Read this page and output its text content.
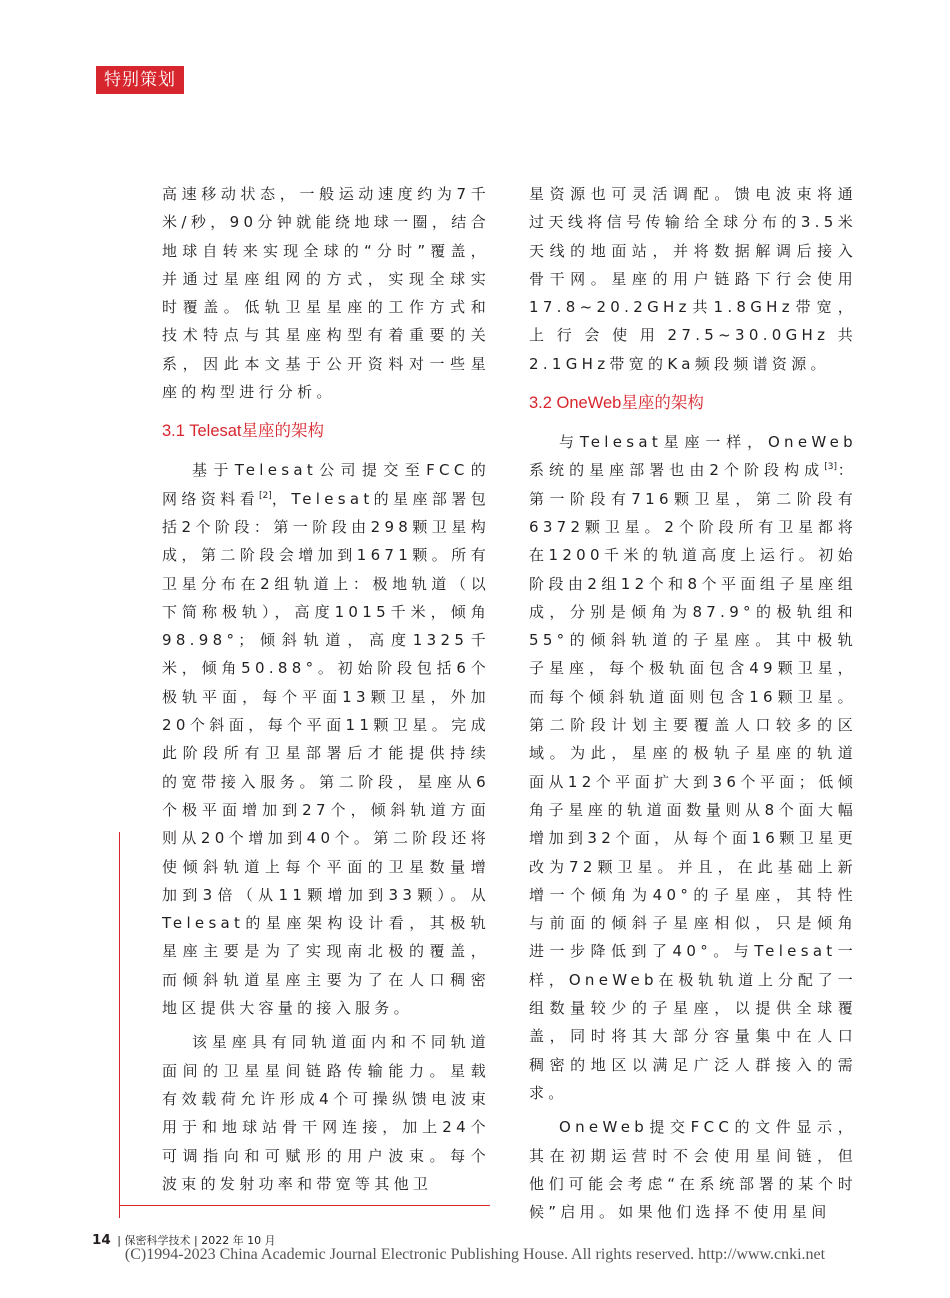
特别策划

高速移动状态，一般运动速度约为7千米/秒，90分钟就能绕地球一圈，结合地球自转来实现全球的“分时”覆盖，并通过星座组网的方式，实现全球实时覆盖。低轨卫星星座的工作方式和技术特点与其星座构型有着重要的关系，因此本文基于公开资料对一些星座的构型进行分析。

3.1 Telesat星座的架构

基于Telesat公司提交至FCC的网络资料看[2]，Telesat的星座部署包括2个阶段：第一阶段由298颗卫星构成，第二阶段会增加到1671颗。所有卫星分布在2组轨道上：极地轨道（以下简称极轨），高度1015千米，倾角98.98°；倾斜轨道，高度1325千米，倾角50.88°。初始阶段包括6个极轨平面，每个平面13颗卫星，外加20个斜面，每个平面11颗卫星。完成此阶段所有卫星部署后才能提供持续的宽带接入服务。第二阶段，星座从6个极平面增加到27个，倾斜轨道方面则从20个增加到40个。第二阶段还将使倾斜轨道上每个平面的卫星数量增加到3倍（从11颗增加到33颗）。从Telesat的星座架构设计看，其极轨星座主要是为了实现南北极的覆盖，而倾斜轨道星座主要为了在人口稠密地区提供大容量的接入服务。

该星座具有同轨道面内和不同轨道面间的卫星星间链路传输能力。星载有效载荷允许形成4个可操纵馈电波束用于和地球站骨干网连接，加上24个可调指向和可赋形的用户波束。每个波束的发射功率和带宽等其他卫

星资源也可灵活调配。馈电波束将通过天线将信号传输给全球分布的3.5米天线的地面站，并将数据解调后接入骨干网。星座的用户链路下行会使用17.8~20.2GHz共1.8GHz带宽，上行会使用27.5~30.0GHz共2.1GHz带宽的Ka频段频谱资源。

3.2 OneWeb星座的架构

与Telesat星座一样，OneWeb系统的星座部署也由2个阶段构成[3]：第一阶段有716颗卫星，第二阶段有6372颗卫星。2个阶段所有卫星都将在1200千米的轨道高度上运行。初始阶段由2组12个和8个平面组子星座组成，分别是倾角为87.9°的极轨组和55°的倾斜轨道的子星座。其中极轨子星座，每个极轨面包含49颗卫星，而每个倾斜轨道面则包含16颗卫星。第二阶段计划主要覆盖人口较多的区域。为此，星座的极轨子星座的轨道面从12个平面扩大到36个平面；低倾角子星座的轨道面数量则从8个面大幅增加到32个面，从每个面16颗卫星更改为72颗卫星。并且，在此基础上新增一个倾角为40°的子星座，其特性与前面的倾斜子星座相似，只是倾角进一步降低到了40°。与Telesat一样，OneWeb在极轨轨道上分配了一组数量较少的子星座，以提供全球覆盖，同时将其大部分容量集中在人口稠密的地区以满足广泛人群接入的需求。

OneWeb提交FCC的文件显示，其在初期运营时不会使用星间链，但他们可能会考虑“在系统部署的某个时候”启用。如果他们选择不使用星间

14 | 保密科学技术 | 2022 年 10 月
(C)1994-2023 China Academic Journal Electronic Publishing House. All rights reserved. http://www.cnki.net
